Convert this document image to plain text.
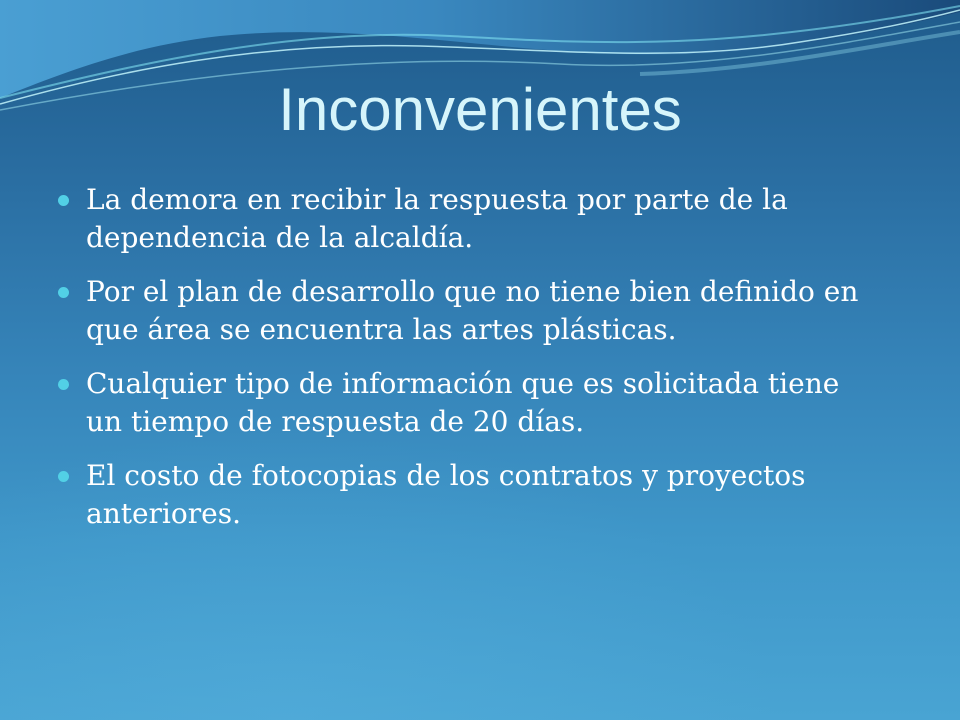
Inconvenientes
La demora en recibir la respuesta por parte de la
dependencia de la alcaldía.
Por el plan de desarrollo que no tiene bien definido en
que área se encuentra las artes plásticas.
Cualquier tipo de información que es solicitada tiene
un tiempo de respuesta de 20 días.
El costo de fotocopias de los contratos y proyectos
anteriores.
